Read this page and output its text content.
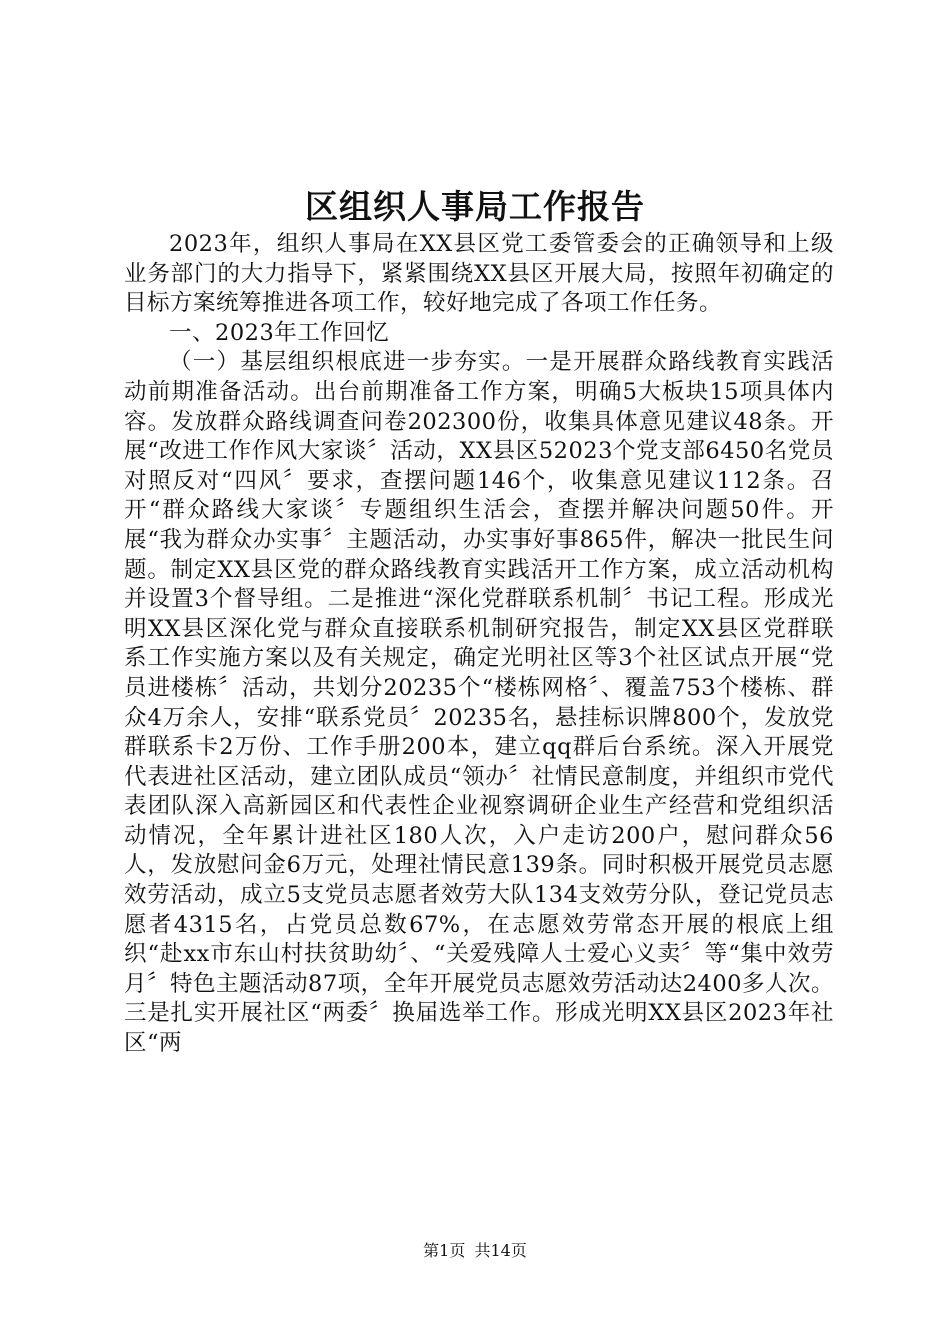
区组织人事局工作报告

2023年，组织人事局在XX县区党工委管委会的正确领导和上级业务部门的大力指导下，紧紧围绕XX县区开展大局，按照年初确定的目标方案统筹推进各项工作，较好地完成了各项工作任务。

一、2023年工作回忆

（一）基层组织根底进一步夯实。一是开展群众路线教育实践活动前期准备活动。出台前期准备工作方案，明确5大板块15项具体内容。发放群众路线调查问卷202300份，收集具体意见建议48条。开展“改进工作作风大家谈〞活动，XX县区52023个党支部6450名党员对照反对“四风〞要求，查摆问题146个，收集意见建议112条。召开“群众路线大家谈〞专题组织生活会，查摆并解决问题50件。开展“我为群众办实事〞主题活动，办实事好事865件，解决一批民生问题。制定XX县区党的群众路线教育实践活开工作方案，成立活动机构并设置3个督导组。二是推进“深化党群联系机制〞书记工程。形成光明XX县区深化党与群众直接联系机制研究报告，制定XX县区党群联系工作实施方案以及有关规定，确定光明社区等3个社区试点开展“党员进楼栋〞活动，共划分20235个“楼栋网格〞、覆盖753个楼栋、群众4万余人，安排“联系党员〞20235名，悬挂标识牌800个，发放党群联系卡2万份、工作手册200本，建立qq群后台系统。深入开展党代表进社区活动，建立团队成员“领办〞社情民意制度，并组织市党代表团队深入高新园区和代表性企业视察调研企业生产经营和党组织活动情况，全年累计进社区180人次，入户走访200户，慰问群众56人，发放慰问金6万元，处理社情民意139条。同时积极开展党员志愿效劳活动，成立5支党员志愿者效劳大队134支效劳分队，登记党员志愿者4315名，占党员总数67%，在志愿效劳常态开展的根底上组织“赴xx市东山村扶贫助幼〞、“关爱残障人士爱心义卖〞等“集中效劳月〞特色主题活动87项，全年开展党员志愿效劳活动达2400多人次。三是扎实开展社区“两委〞换届选举工作。形成光明XX县区2023年社区“两

第1页 共14页
